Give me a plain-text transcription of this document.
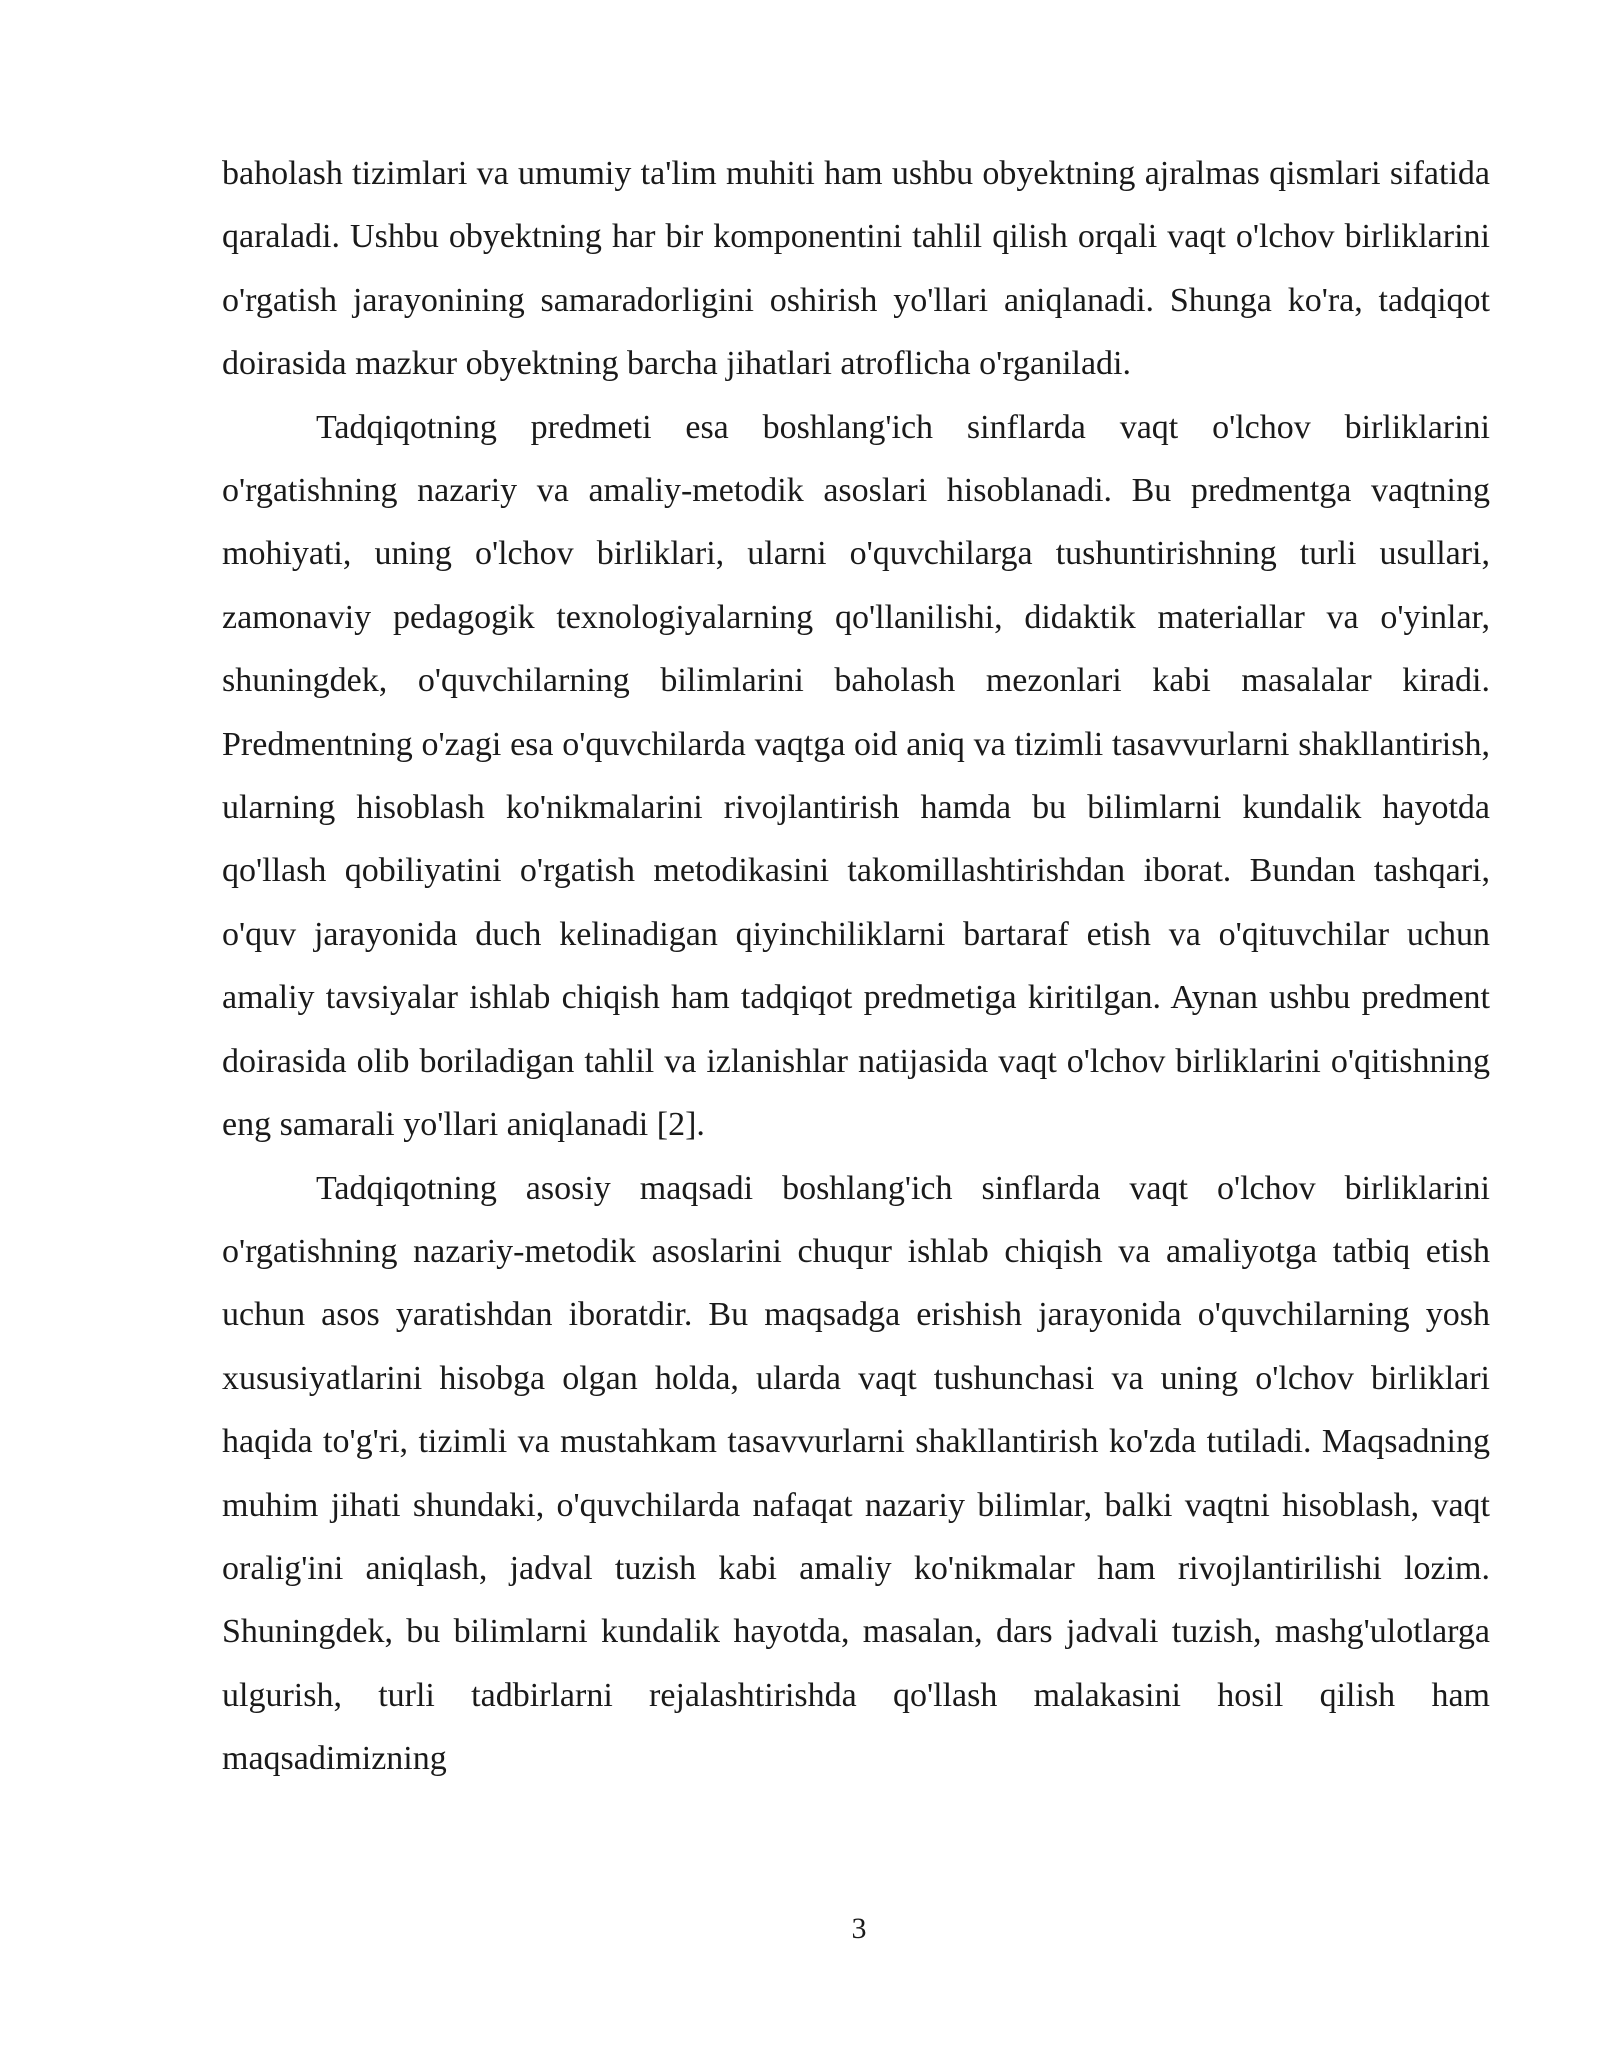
baholash tizimlari va umumiy ta'lim muhiti ham ushbu obyektning ajralmas qismlari sifatida qaraladi. Ushbu obyektning har bir komponentini tahlil qilish orqali vaqt o'lchov birliklarini o'rgatish jarayonining samaradorligini oshirish yo'llari aniqlanadi. Shunga ko'ra, tadqiqot doirasida mazkur obyektning barcha jihatlari atroflicha o'rganiladi.

Tadqiqotning predmeti esa boshlang'ich sinflarda vaqt o'lchov birliklarini o'rgatishning nazariy va amaliy-metodik asoslari hisoblanadi. Bu predmentga vaqtning mohiyati, uning o'lchov birliklari, ularni o'quvchilarga tushuntirishning turli usullari, zamonaviy pedagogik texnologiyalarning qo'llanilishi, didaktik materiallar va o'yinlar, shuningdek, o'quvchilarning bilimlarini baholash mezonlari kabi masalalar kiradi. Predmentning o'zagi esa o'quvchilarda vaqtga oid aniq va tizimli tasavvurlarni shakllantirish, ularning hisoblash ko'nikmalarini rivojlantirish hamda bu bilimlarni kundalik hayotda qo'llash qobiliyatini o'rgatish metodikasini takomillashtirishdan iborat. Bundan tashqari, o'quv jarayonida duch kelinadigan qiyinchiliklarni bartaraf etish va o'qituvchilar uchun amaliy tavsiyalar ishlab chiqish ham tadqiqot predmetiga kiritilgan. Aynan ushbu predment doirasida olib boriladigan tahlil va izlanishlar natijasida vaqt o'lchov birliklarini o'qitishning eng samarali yo'llari aniqlanadi [2].

Tadqiqotning asosiy maqsadi boshlang'ich sinflarda vaqt o'lchov birliklarini o'rgatishning nazariy-metodik asoslarini chuqur ishlab chiqish va amaliyotga tatbiq etish uchun asos yaratishdan iboratdir. Bu maqsadga erishish jarayonida o'quvchilarning yosh xususiyatlarini hisobga olgan holda, ularda vaqt tushunchasi va uning o'lchov birliklari haqida to'g'ri, tizimli va mustahkam tasavvurlarni shakllantirish ko'zda tutiladi. Maqsadning muhim jihati shundaki, o'quvchilarda nafaqat nazariy bilimlar, balki vaqtni hisoblash, vaqt oralig'ini aniqlash, jadval tuzish kabi amaliy ko'nikmalar ham rivojlantirilishi lozim. Shuningdek, bu bilimlarni kundalik hayotda, masalan, dars jadvali tuzish, mashg'ulotlarga ulgurish, turli tadbirlarni rejalashtirishda qo'llash malakasini hosil qilish ham maqsadimizning

3
